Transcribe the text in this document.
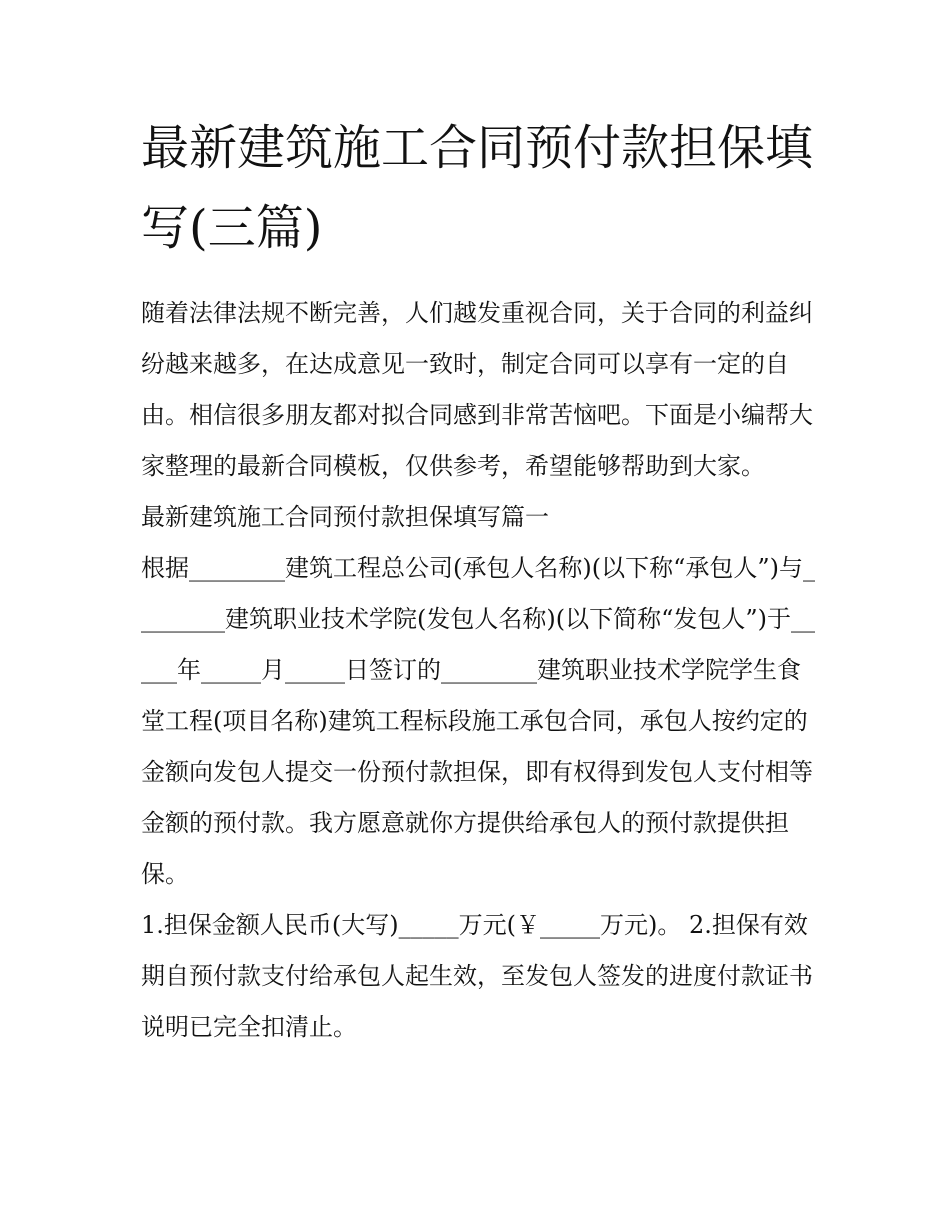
最新建筑施工合同预付款担保填写(三篇)

随着法律法规不断完善，人们越发重视合同，关于合同的利益纠纷越来越多，在达成意见一致时，制定合同可以享有一定的自由。相信很多朋友都对拟合同感到非常苦恼吧。下面是小编帮大家整理的最新合同模板，仅供参考，希望能够帮助到大家。

最新建筑施工合同预付款担保填写篇一

根据________建筑工程总公司(承包人名称)(以下称“承包人”)与________建筑职业技术学院(发包人名称)(以下简称“发包人”)于_____年_____月_____日签订的________建筑职业技术学院学生食堂工程(项目名称)建筑工程标段施工承包合同，承包人按约定的金额向发包人提交一份预付款担保，即有权得到发包人支付相等金额的预付款。我方愿意就你方提供给承包人的预付款提供担保。

1.担保金额人民币(大写)_____万元(￥_____万元)。 2.担保有效期自预付款支付给承包人起生效，至发包人签发的进度付款证书说明已完全扣清止。
